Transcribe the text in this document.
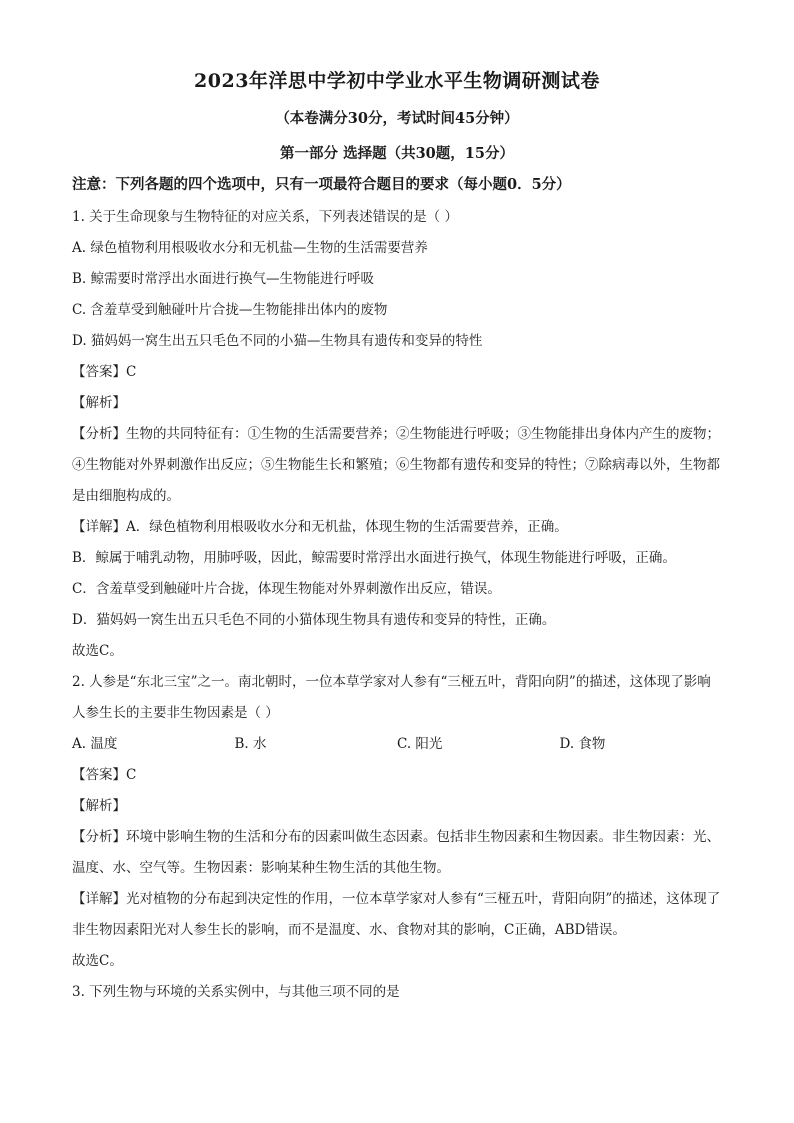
2023年洋思中学初中学业水平生物调研测试卷
（本卷满分30分，考试时间45分钟）
第一部分 选择题（共30题，15分）
注意：下列各题的四个选项中，只有一项最符合题目的要求（每小题0．5分）

1. 关于生命现象与生物特征的对应关系，下列表述错误的是（ ）

A. 绿色植物利用根吸收水分和无机盐—生物的生活需要营养

B. 鲸需要时常浮出水面进行换气—生物能进行呼吸

C. 含羞草受到触碰叶片合拢—生物能排出体内的废物

D. 猫妈妈一窝生出五只毛色不同的小猫—生物具有遗传和变异的特性

【答案】C

【解析】

【分析】生物的共同特征有：①生物的生活需要营养；②生物能进行呼吸；③生物能排出身体内产生的废物；④生物能对外界刺激作出反应；⑤生物能生长和繁殖；⑥生物都有遗传和变异的特性；⑦除病毒以外，生物都是由细胞构成的。

【详解】A．绿色植物利用根吸收水分和无机盐，体现生物的生活需要营养，正确。

B．鲸属于哺乳动物，用肺呼吸，因此，鲸需要时常浮出水面进行换气，体现生物能进行呼吸，正确。

C．含羞草受到触碰叶片合拢，体现生物能对外界刺激作出反应，错误。

D．猫妈妈一窝生出五只毛色不同的小猫体现生物具有遗传和变异的特性，正确。

故选C。

2. 人参是“东北三宝”之一。南北朝时，一位本草学家对人参有“三桠五叶，背阳向阴”的描述，这体现了影响人参生长的主要非生物因素是（ ）

A. 温度	B. 水	C. 阳光	D. 食物

【答案】C

【解析】

【分析】环境中影响生物的生活和分布的因素叫做生态因素。包括非生物因素和生物因素。非生物因素：光、温度、水、空气等。生物因素：影响某种生物生活的其他生物。

【详解】光对植物的分布起到决定性的作用，一位本草学家对人参有“三桠五叶，背阳向阴”的描述，这体现了非生物因素阳光对人参生长的影响，而不是温度、水、食物对其的影响，C正确，ABD错误。

故选C。

3. 下列生物与环境的关系实例中，与其他三项不同的是
